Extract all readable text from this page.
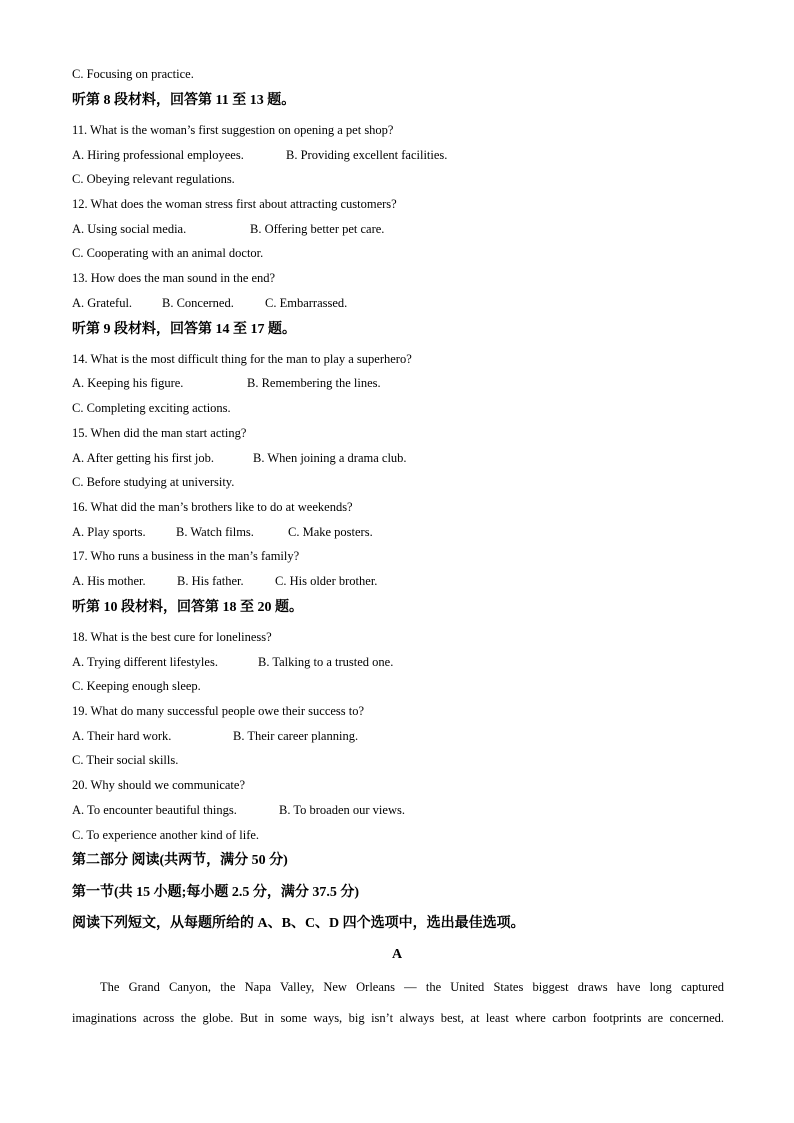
C. Focusing on practice.
听第 8 段材料，回答第 11 至 13 题。
11. What is the woman’s first suggestion on opening a pet shop?
A. Hiring professional employees.	B. Providing excellent facilities.
C. Obeying relevant regulations.
12. What does the woman stress first about attracting customers?
A. Using social media.	B. Offering better pet care.
C. Cooperating with an animal doctor.
13. How does the man sound in the end?
A. Grateful. B. Concerned. C. Embarrassed.
听第 9 段材料，回答第 14 至 17 题。
14. What is the most difficult thing for the man to play a superhero?
A. Keeping his figure.	B. Remembering the lines.
C. Completing exciting actions.
15. When did the man start acting?
A. After getting his first job.	B. When joining a drama club.
C. Before studying at university.
16. What did the man’s brothers like to do at weekends?
A. Play sports. B. Watch films.	C. Make posters.
17. Who runs a business in the man’s family?
A. His mother.	B. His father.	C. His older brother.
听第 10 段材料，回答第 18 至 20 题。
18. What is the best cure for loneliness?
A. Trying different lifestyles.	B. Talking to a trusted one.
C. Keeping enough sleep.
19. What do many successful people owe their success to?
A. Their hard work.	B. Their career planning.
C. Their social skills.
20. Why should we communicate?
A. To encounter beautiful things.	B. To broaden our views.
C. To experience another kind of life.
第二部分 阅读(共两节，满分 50 分)
第一节(共 15 小题;每小题 2.5 分，满分 37.5 分)
阅读下列短文，从每题所给的 A、B、C、D 四个选项中，选出最佳选项。
A
The Grand Canyon, the Napa Valley, New Orleans — the United States biggest draws have long captured
imaginations across the globe. But in some ways, big isn’t always best, at least where carbon footprints are concerned.
